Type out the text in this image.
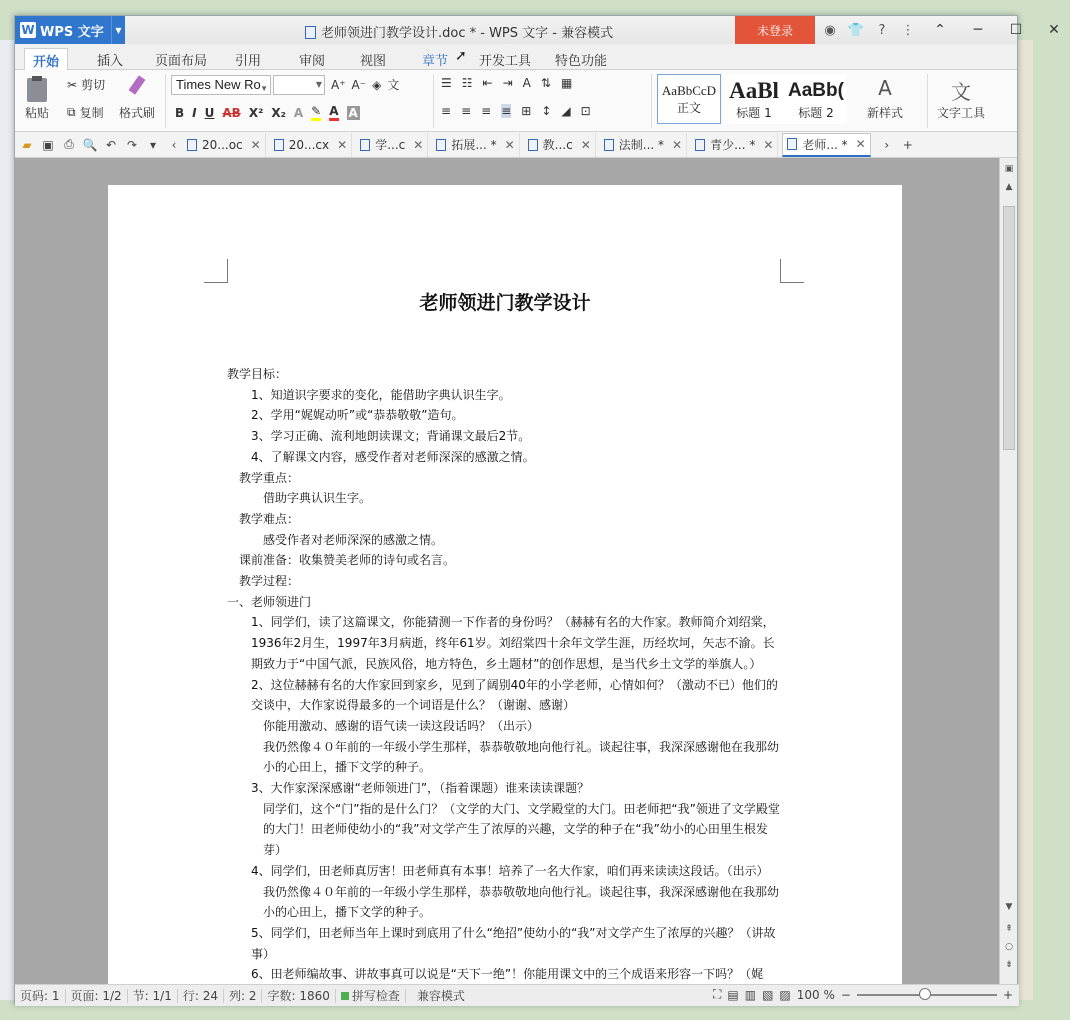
W WPS 文字	▼	老师领进门教学设计.doc * - WPS 文字 - 兼容模式	未登录	◉ 👕	?	⋮	⌃	─	☐	✕
开始	插入	页面布局	引用	审阅	视图	章节	开发工具	特色功能
➚
粘贴
✂ 剪切
⧉ 复制 格式刷
Times New Ro ▼	▼ A⁺ A⁻ ◈ 文
B I U AB X² X₂ A ✎ A A
☰ ☷ ⇤ ⇥ A ⇅ ▦
≡ ≡ ≡ ≡ ⊞ ↕ ◢ ⊡
AaBbCcD
正文
AaBl
标题 1
AaBb(
标题 2
A
新样式
文
文字工具
▰ ▣ ⎙ 🔍 ↶ ↷	▾	‹	20...oc ✕ 20...cx ✕ 学...c ✕ 拓展... * ✕ 教...c ✕ 法制... * ✕ 青少... * ✕ 老师... * ✕	›	+
老师领进门教学设计

教学目标：

1、知道识字要求的变化，能借助字典认识生字。

2、学用“娓娓动听”或“恭恭敬敬”造句。

3、学习正确、流利地朗读课文；背诵课文最后2节。

4、了解课文内容，感受作者对老师深深的感激之情。

教学重点：

借助字典认识生字。

教学难点：

感受作者对老师深深的感激之情。

课前准备：收集赞美老师的诗句或名言。

教学过程：

一、老师领进门

1、同学们，读了这篇课文，你能猜测一下作者的身份吗？（赫赫有名的大作家。教师简介刘绍棠，1936年2月生，1997年3月病逝，终年61岁。刘绍棠四十余年文学生涯，历经坎坷，矢志不渝。长期致力于“中国气派，民族风俗，地方特色，乡土题材”的创作思想，是当代乡土文学的举旗人。）

2、这位赫赫有名的大作家回到家乡，见到了阔别40年的小学老师，心情如何？（激动不已）他们的交谈中，大作家说得最多的一个词语是什么？（谢谢、感谢）

你能用激动、感谢的语气读一读这段话吗？（出示）

我仍然像４０年前的一年级小学生那样，恭恭敬敬地向他行礼。谈起往事，我深深感谢他在我那幼小的心田上，播下文学的种子。

3、大作家深深感谢“老师领进门”，（指着课题）谁来读读课题？

同学们，这个“门”指的是什么门？（文学的大门、文学殿堂的大门。田老师把“我”领进了文学殿堂的大门！田老师使幼小的“我”对文学产生了浓厚的兴趣，文学的种子在“我”幼小的心田里生根发芽）

4、同学们，田老师真厉害！田老师真有本事！培养了一名大作家，咱们再来读读这段话。（出示）

我仍然像４０年前的一年级小学生那样，恭恭敬敬地向他行礼。谈起往事，我深深感谢他在我那幼小的心田上，播下文学的种子。

5、同学们，田老师当年上课时到底用了什么“绝招”使幼小的“我”对文学产生了浓厚的兴趣？（讲故事）

6、田老师编故事、讲故事真可以说是“天下一绝”！你能用课文中的三个成语来形容一下吗？（娓

▣
▲
▼
⇞
○
⇟
页码: 1 页面: 1/2 节: 1/1 行: 24 列: 2 字数: 1860	拼写检查	兼容模式	⛶ ▤ ▥ ▧ ▨ 100 % −	+
